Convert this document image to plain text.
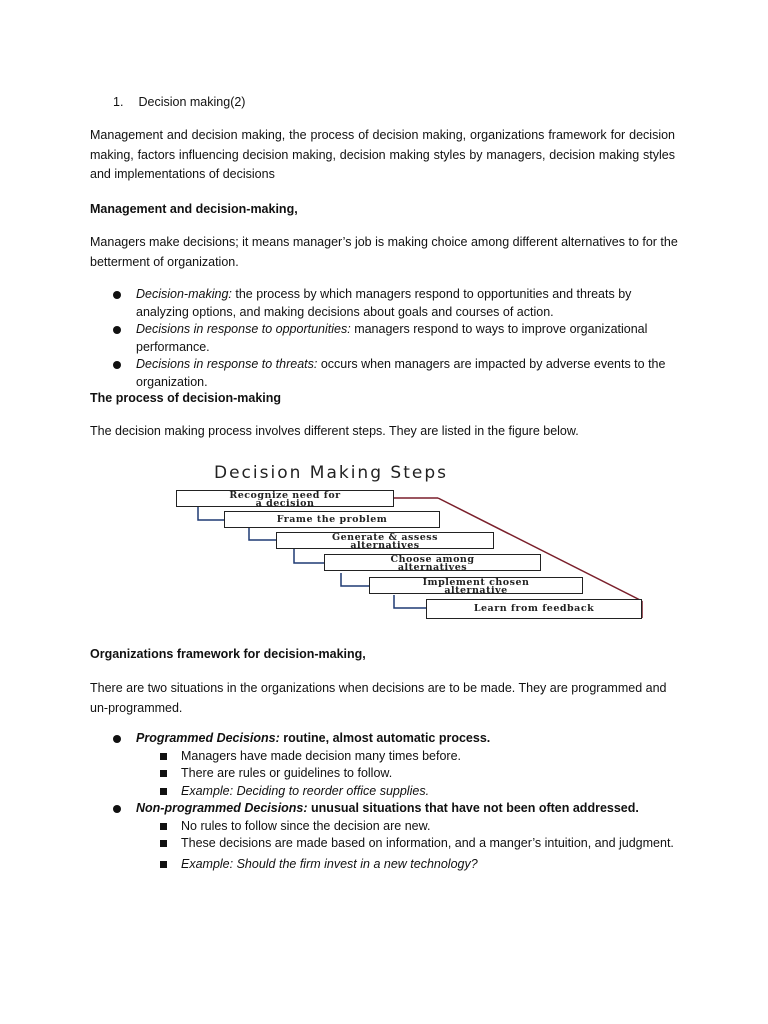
1. Decision making(2)
Management and decision making, the process of decision making, organizations framework for decision making, factors influencing decision making, decision making styles by managers, decision making styles and implementations of decisions
Management and decision-making,
Managers make decisions; it means manager’s job is making choice among different alternatives to for the betterment of organization.
Decision-making: the process by which managers respond to opportunities and threats by analyzing options, and making decisions about goals and courses of action.
Decisions in response to opportunities: managers respond to ways to improve organizational performance.
Decisions in response to threats: occurs when managers are impacted by adverse events to the organization.
The process of decision-making
The decision making process involves different steps. They are listed in the figure below.
Decision Making Steps
Recognize need for
a decision
Frame the problem
Generate & assess
alternatives
Choose among
alternatives
Implement chosen
alternative
Learn from feedback
Organizations framework for decision-making,
There are two situations in the organizations when decisions are to be made. They are programmed and un-programmed.
Programmed Decisions: routine, almost automatic process.
Managers have made decision many times before.
There are rules or guidelines to follow.
Example: Deciding to reorder office supplies.
Non-programmed Decisions: unusual situations that have not been often addressed.
No rules to follow since the decision are new.
These decisions are made based on information, and a manger’s intuition, and judgment.
Example: Should the firm invest in a new technology?
